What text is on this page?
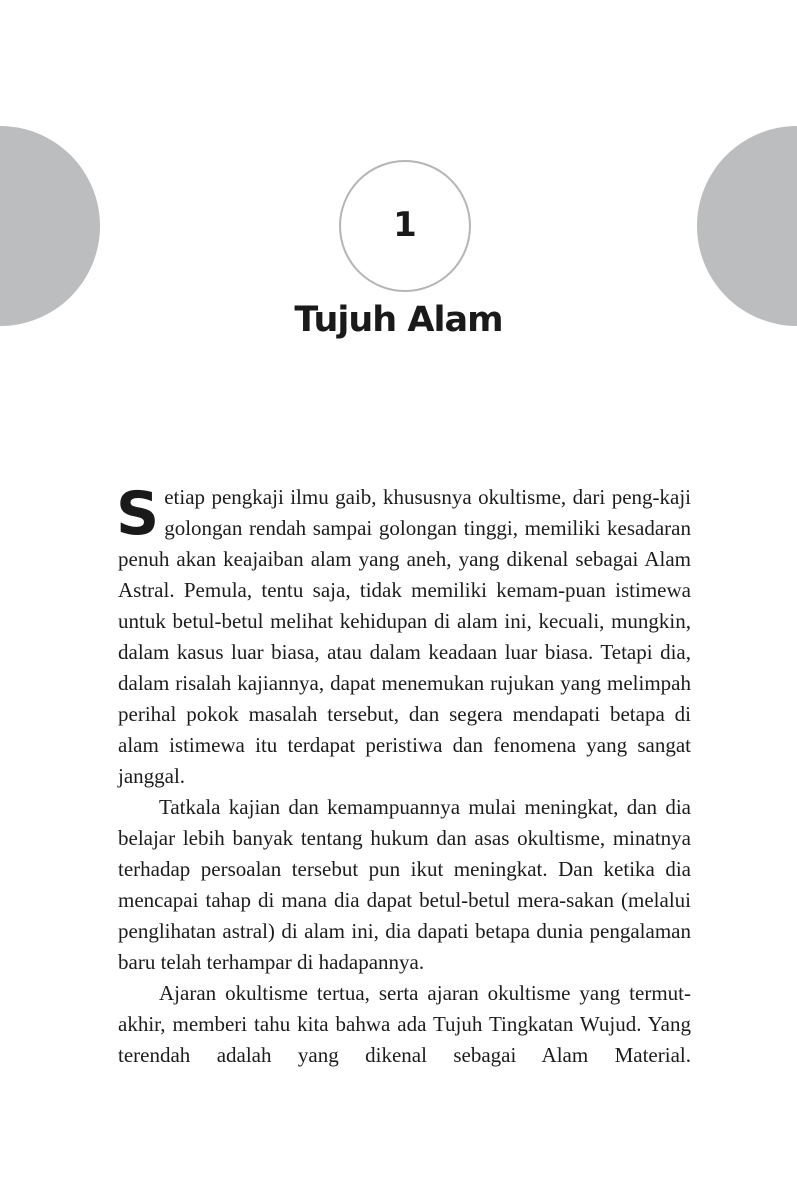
1
Tujuh Alam

Setiap pengkaji ilmu gaib, khususnya okultisme, dari peng-kaji golongan rendah sampai golongan tinggi, memiliki kesadaran penuh akan keajaiban alam yang aneh, yang dikenal sebagai Alam Astral. Pemula, tentu saja, tidak memiliki kemam-puan istimewa untuk betul-betul melihat kehidupan di alam ini, kecuali, mungkin, dalam kasus luar biasa, atau dalam keadaan luar biasa. Tetapi dia, dalam risalah kajiannya, dapat menemukan rujukan yang melimpah perihal pokok masalah tersebut, dan segera mendapati betapa di alam istimewa itu terdapat peristiwa dan fenomena yang sangat janggal.

Tatkala kajian dan kemampuannya mulai meningkat, dan dia belajar lebih banyak tentang hukum dan asas okultisme, minatnya terhadap persoalan tersebut pun ikut meningkat. Dan ketika dia mencapai tahap di mana dia dapat betul-betul mera-sakan (melalui penglihatan astral) di alam ini, dia dapati betapa dunia pengalaman baru telah terhampar di hadapannya.

Ajaran okultisme tertua, serta ajaran okultisme yang termut-akhir, memberi tahu kita bahwa ada Tujuh Tingkatan Wujud. Yang terendah adalah yang dikenal sebagai Alam Material.
